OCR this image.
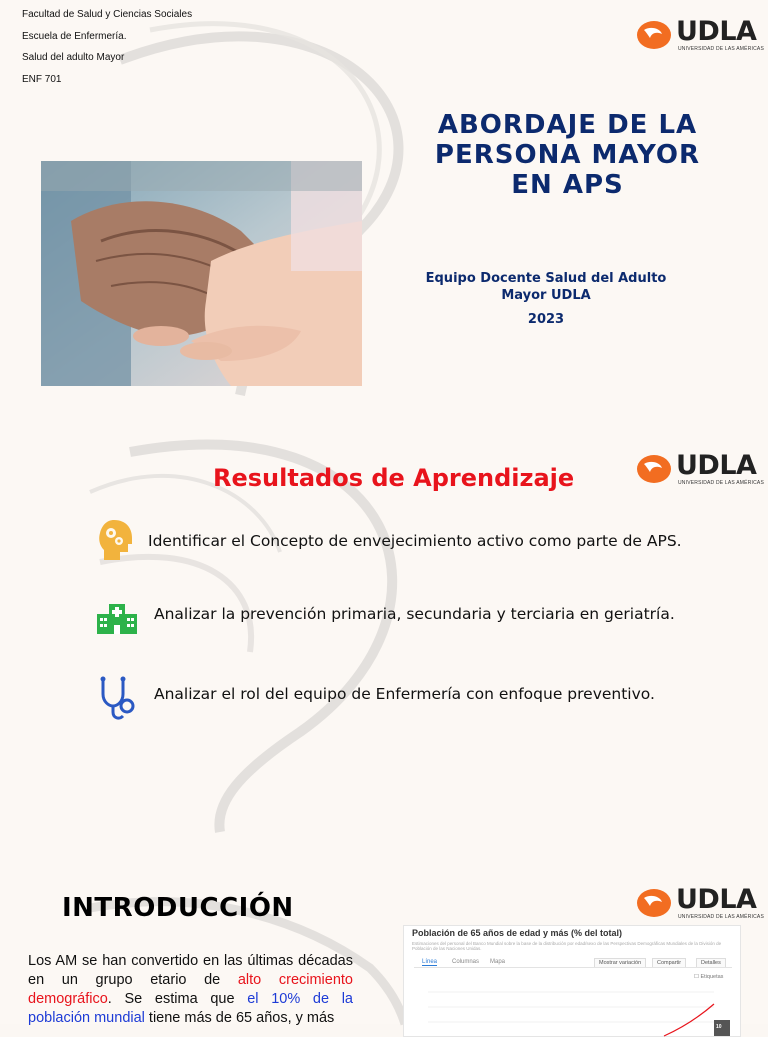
Facultad de Salud y Ciencias Sociales
Escuela de Enfermería.
Salud del adulto Mayor
ENF 701
UDLA
UNIVERSIDAD DE LAS AMÉRICAS
ABORDAJE DE LA
PERSONA MAYOR
EN APS
Equipo Docente Salud del Adulto
Mayor UDLA
2023
Resultados de Aprendizaje	UDLA
UNIVERSIDAD DE LAS AMÉRICAS
Identificar el Concepto de envejecimiento activo como parte de APS.
Analizar la prevención primaria, secundaria y terciaria en geriatría.
Analizar el rol del equipo de Enfermería con enfoque preventivo.
INTRODUCCIÓN	UDLA
UNIVERSIDAD DE LAS AMÉRICAS
Los AM se han convertido en las últimas décadas en un grupo etario de alto crecimiento demográfico. Se estima que el 10% de la población mundial tiene más de 65 años, y más
Población de 65 años de edad y más (% del total)
Estimaciones del personal del Banco Mundial sobre la base de la distribución por edad/sexo de las Perspectivas Demográficas Mundiales de la División de Población de las Naciones Unidas.
Línea Columnas Mapa	Mostrar variación	Compartir	Detalles
☐ Etiquetas
10
